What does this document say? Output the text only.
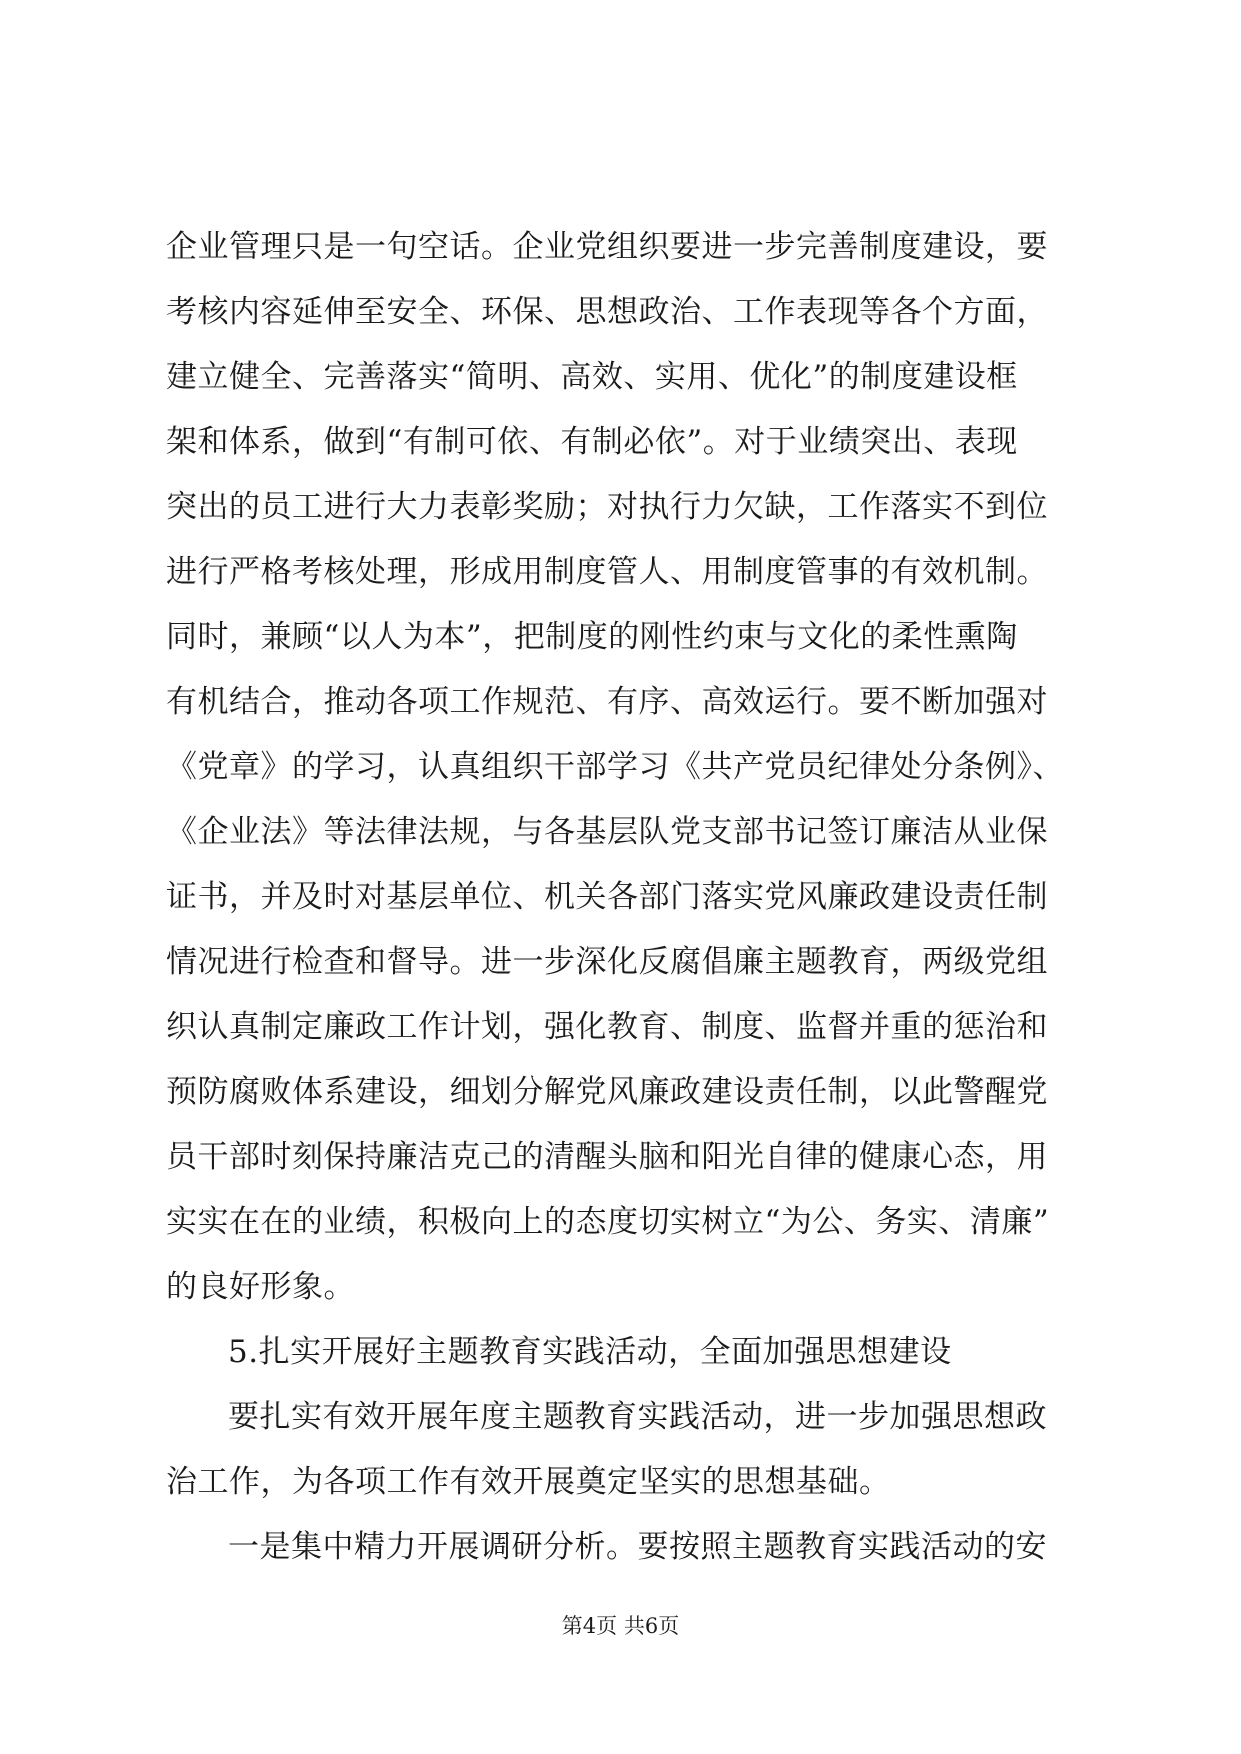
企业管理只是一句空话。企业党组织要进一步完善制度建设，要
考核内容延伸至安全、环保、思想政治、工作表现等各个方面，
建立健全、完善落实“简明、高效、实用、优化”的制度建设框
架和体系，做到“有制可依、有制必依”。对于业绩突出、表现
突出的员工进行大力表彰奖励；对执行力欠缺，工作落实不到位
进行严格考核处理，形成用制度管人、用制度管事的有效机制。
同时，兼顾“以人为本”，把制度的刚性约束与文化的柔性熏陶
有机结合，推动各项工作规范、有序、高效运行。要不断加强对
《党章》的学习，认真组织干部学习《共产党员纪律处分条例》、
《企业法》等法律法规，与各基层队党支部书记签订廉洁从业保
证书，并及时对基层单位、机关各部门落实党风廉政建设责任制
情况进行检查和督导。进一步深化反腐倡廉主题教育，两级党组
织认真制定廉政工作计划，强化教育、制度、监督并重的惩治和
预防腐败体系建设，细划分解党风廉政建设责任制，以此警醒党
员干部时刻保持廉洁克己的清醒头脑和阳光自律的健康心态，用
实实在在的业绩，积极向上的态度切实树立“为公、务实、清廉”
的良好形象。
5.扎实开展好主题教育实践活动，全面加强思想建设
要扎实有效开展年度主题教育实践活动，进一步加强思想政
治工作，为各项工作有效开展奠定坚实的思想基础。
一是集中精力开展调研分析。要按照主题教育实践活动的安
第4页 共6页
